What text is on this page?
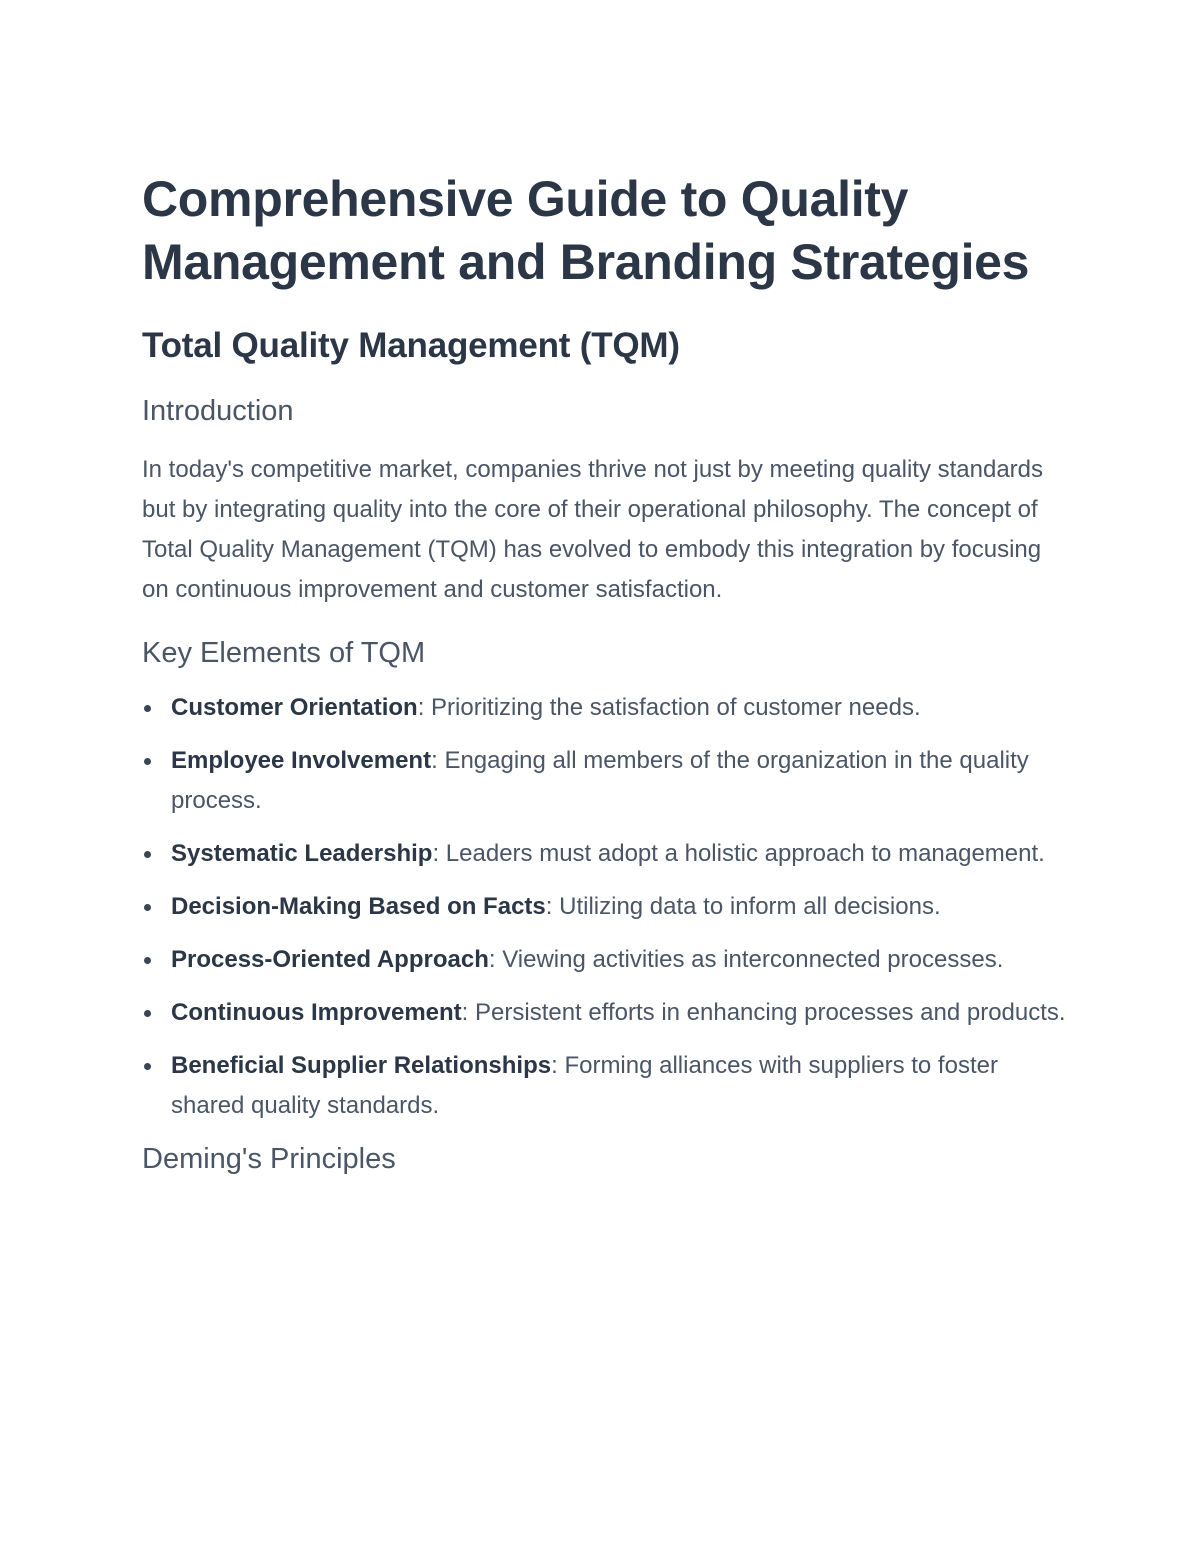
Comprehensive Guide to Quality Management and Branding Strategies
Total Quality Management (TQM)
Introduction

In today's competitive market, companies thrive not just by meeting quality standards but by integrating quality into the core of their operational philosophy. The concept of Total Quality Management (TQM) has evolved to embody this integration by focusing on continuous improvement and customer satisfaction.

Key Elements of TQM
Customer Orientation: Prioritizing the satisfaction of customer needs.
Employee Involvement: Engaging all members of the organization in the quality process.
Systematic Leadership: Leaders must adopt a holistic approach to management.
Decision-Making Based on Facts: Utilizing data to inform all decisions.
Process-Oriented Approach: Viewing activities as interconnected processes.
Continuous Improvement: Persistent efforts in enhancing processes and products.
Beneficial Supplier Relationships: Forming alliances with suppliers to foster shared quality standards.
Deming's Principles
